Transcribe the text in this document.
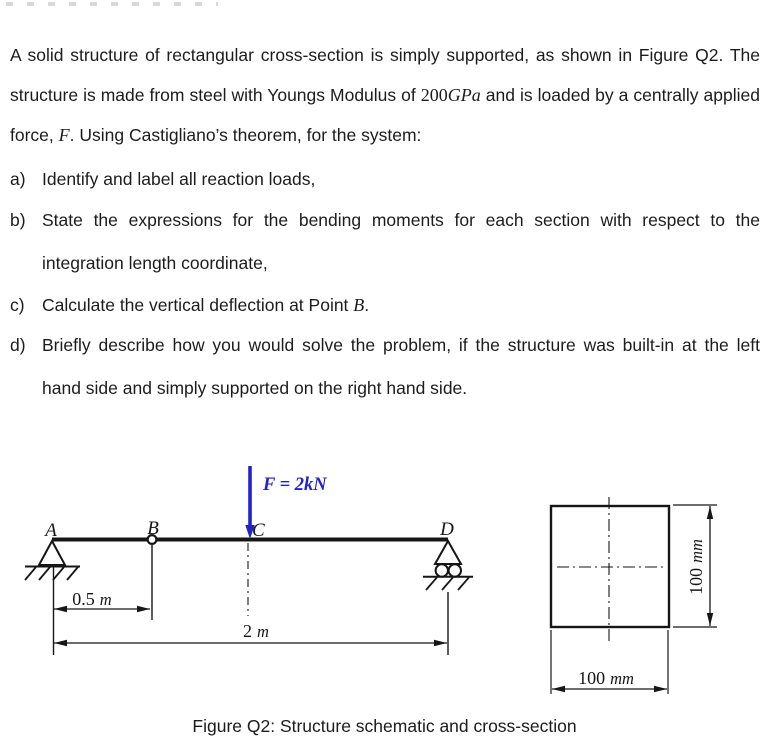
A solid structure of rectangular cross-section is simply supported, as shown in Figure Q2. The
structure is made from steel with Youngs Modulus of 200GPa and is loaded by a centrally applied
force, F. Using Castigliano’s theorem, for the system:
a) Identify and label all reaction loads,
b) State the expressions for the bending moments for each section with respect to the
integration length coordinate,
c) Calculate the vertical deflection at Point B.
d) Briefly describe how you would solve the problem, if the structure was built-in at the left
hand side and simply supported on the right hand side.
F = 2kN
A	B	C	D
0.5 m
2 m
100mm
100 mm
Figure Q2: Structure schematic and cross-section
